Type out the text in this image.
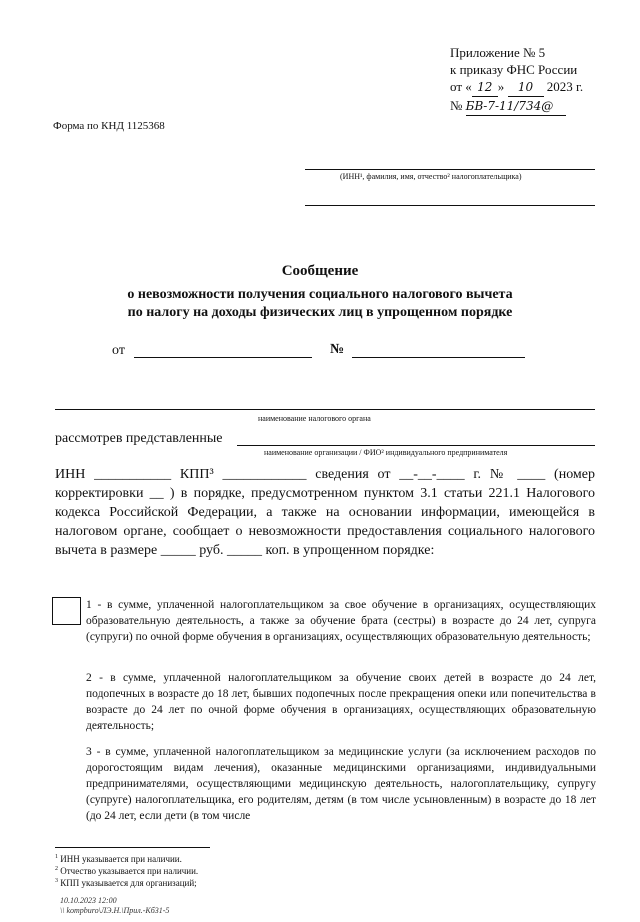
Приложение № 5
к приказу ФНС России
от « 12 » 10 2023 г.
№ БВ-7-11/734@
Форма по КНД 1125368
(ИНН¹, фамилия, имя, отчество² налогоплательщика)
Сообщение
о невозможности получения социального налогового вычета
по налогу на доходы физических лиц в упрощенном порядке
от	№
наименование налогового органа
рассмотрев представленные
наименование организации / ФИО² индивидуального предпринимателя
ИНН ___________ КПП³ ____________ сведения от __-__-____ г. № ____ (номер корректировки __ ) в порядке, предусмотренном пунктом 3.1 статьи 221.1 Налогового кодекса Российской Федерации, а также на основании информации, имеющейся в налоговом органе, сообщает о невозможности предоставления социального налогового вычета в размере _____ руб. _____ коп. в упрощенном порядке:
1 - в сумме, уплаченной налогоплательщиком за свое обучение в организациях, осуществляющих образовательную деятельность, а также за обучение брата (сестры) в возрасте до 24 лет, супруга (супруги) по очной форме обучения в организациях, осуществляющих образовательную деятельность;
2 - в сумме, уплаченной налогоплательщиком за обучение своих детей в возрасте до 24 лет, подопечных в возрасте до 18 лет, бывших подопечных после прекращения опеки или попечительства в возрасте до 24 лет по очной форме обучения в организациях, осуществляющих образовательную деятельность;
3 - в сумме, уплаченной налогоплательщиком за медицинские услуги (за исключением расходов по дорогостоящим видам лечения), оказанные медицинскими организациями, индивидуальными предпринимателями, осуществляющими медицинскую деятельность, налогоплательщику, супругу (супруге) налогоплательщика, его родителям, детям (в том числе усыновленным) в возрасте до 18 лет (до 24 лет, если дети (в том числе
$^1$ ИНН указывается при наличии.
$^2$ Отчество указывается при наличии.
$^3$ КПП указывается для организаций;
10.10.2023 12:00
\\ kompburo\ЛЭ.Н.\Прил.-Кб31-5
